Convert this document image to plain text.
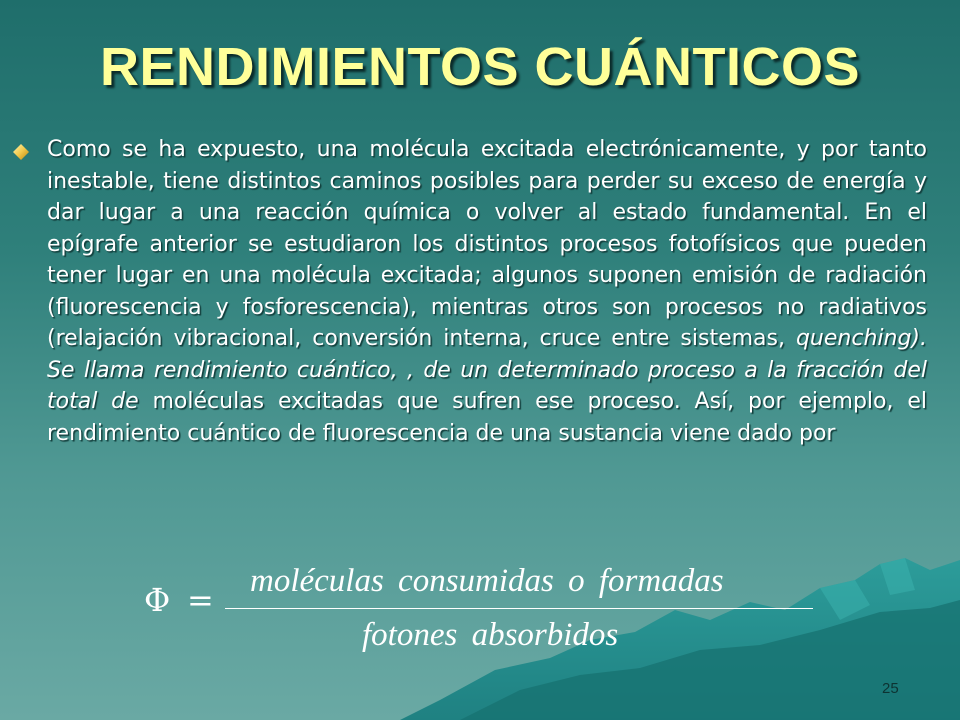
RENDIMIENTOS CUÁNTICOS

Como se ha expuesto, una molécula excitada electrónicamente, y por tanto inestable, tiene distintos caminos posibles para perder su exceso de energía y dar lugar a una reacción química o volver al estado fundamental. En el epígrafe anterior se estudiaron los distintos procesos fotofísicos que pueden tener lugar en una molécula excitada; algunos suponen emisión de radiación (fluorescencia y fosforescencia), mientras otros son procesos no radiativos (relajación vibracional, conversión interna, cruce entre sistemas, quenching). Se llama rendimiento cuántico, , de un determinado proceso a la fracción del total de moléculas excitadas que sufren ese proceso. Así, por ejemplo, el rendimiento cuántico de fluorescencia de una sustancia viene dado por

Φ = moléculas consumidas o formadas
fotones absorbidos
25
